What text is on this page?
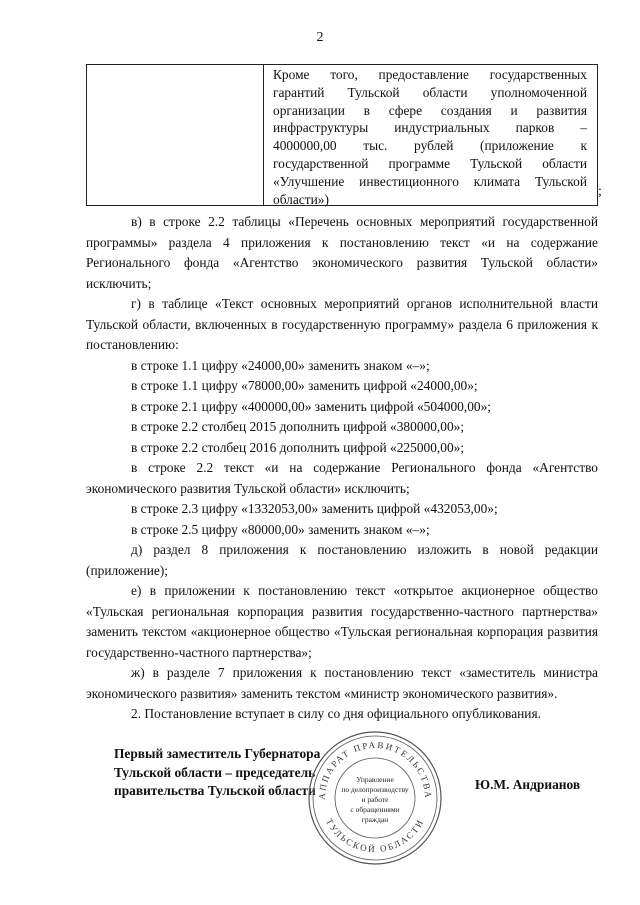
2
Кроме того, предоставление государственных
гарантий Тульской области уполномоченной
организации в сфере создания и развития
инфраструктуры индустриальных парков –
4000000,00 тыс. рублей (приложение к
государственной программе Тульской области
«Улучшение инвестиционного климата Тульской
области»)
;

в) в строке 2.2 таблицы «Перечень основных мероприятий государственной программы» раздела 4 приложения к постановлению текст «и на содержание Регионального фонда «Агентство экономического развития Тульской области» исключить;

г) в таблице «Текст основных мероприятий органов исполнительной власти Тульской области, включенных в государственную программу» раздела 6 приложения к постановлению:

в строке 1.1 цифру «24000,00» заменить знаком «–»;

в строке 1.1 цифру «78000,00» заменить цифрой «24000,00»;

в строке 2.1 цифру «400000,00» заменить цифрой «504000,00»;

в строке 2.2 столбец 2015 дополнить цифрой «380000,00»;

в строке 2.2 столбец 2016 дополнить цифрой «225000,00»;

в строке 2.2 текст «и на содержание Регионального фонда «Агентство экономического развития Тульской области» исключить;

в строке 2.3 цифру «1332053,00» заменить цифрой «432053,00»;

в строке 2.5 цифру «80000,00» заменить знаком «–»;

д) раздел 8 приложения к постановлению изложить в новой редакции (приложение);

е) в приложении к постановлению текст «открытое акционерное общество «Тульская региональная корпорация развития государственно-частного партнерства» заменить текстом «акционерное общество «Тульская региональная корпорация развития государственно-частного партнерства»;

ж) в разделе 7 приложения к постановлению текст «заместитель министра экономического развития» заменить текстом «министр экономического развития».

2. Постановление вступает в силу со дня официального опубликования.

Первый заместитель Губернатора
Тульской области – председатель
правительства Тульской области	Ю.М. Андрианов
АППАРАТ ПРАВИТЕЛЬСТВА
ТУЛЬСКОЙ ОБЛАСТИ
Управление
по делопроизводству
и работе
с обращениями
граждан
